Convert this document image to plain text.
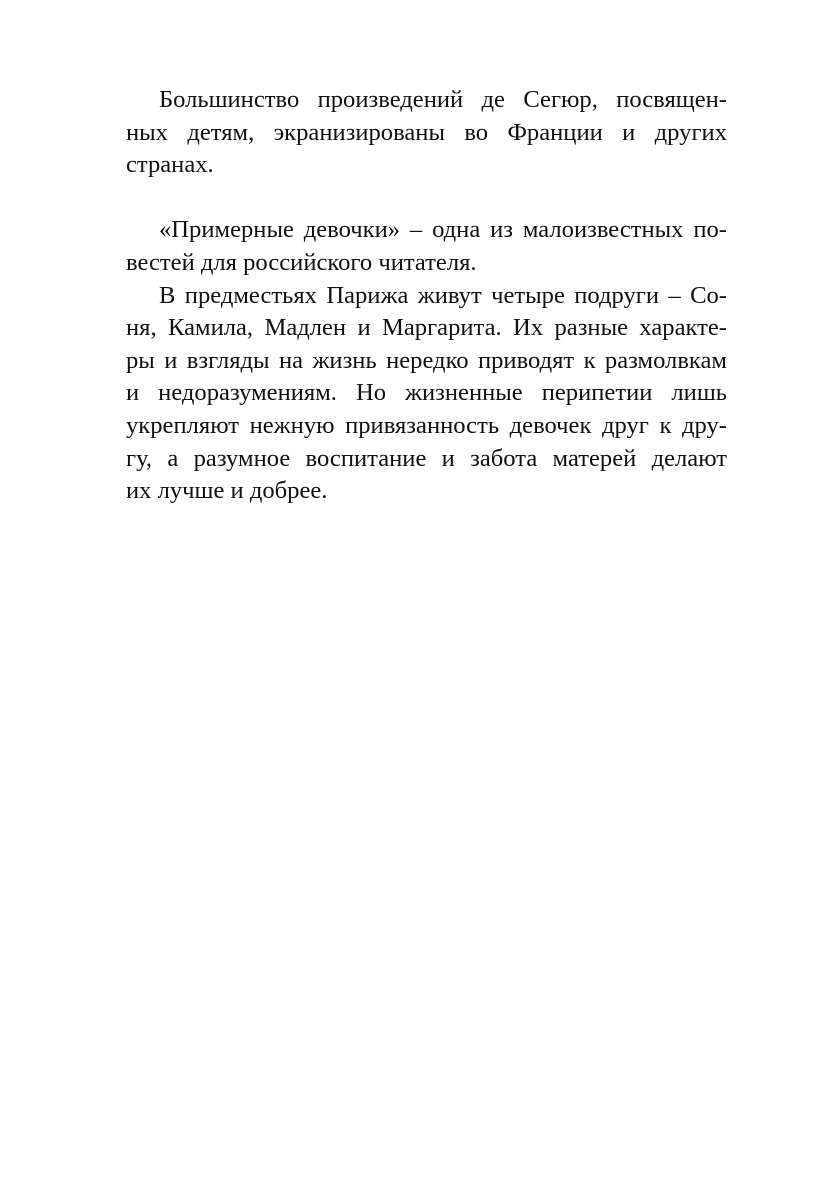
Большинство произведений де Сегюр, посвящен-
ных детям, экранизированы во Франции и других
странах.
«Примерные девочки» – одна из малоизвестных по-
вестей для российского читателя.
В предместьях Парижа живут четыре подруги – Со-
ня, Камила, Мадлен и Маргарита. Их разные характе-
ры и взгляды на жизнь нередко приводят к размолвкам
и недоразумениям. Но жизненные перипетии лишь
укрепляют нежную привязанность девочек друг к дру-
гу, а разумное воспитание и забота матерей делают
их лучше и добрее.
